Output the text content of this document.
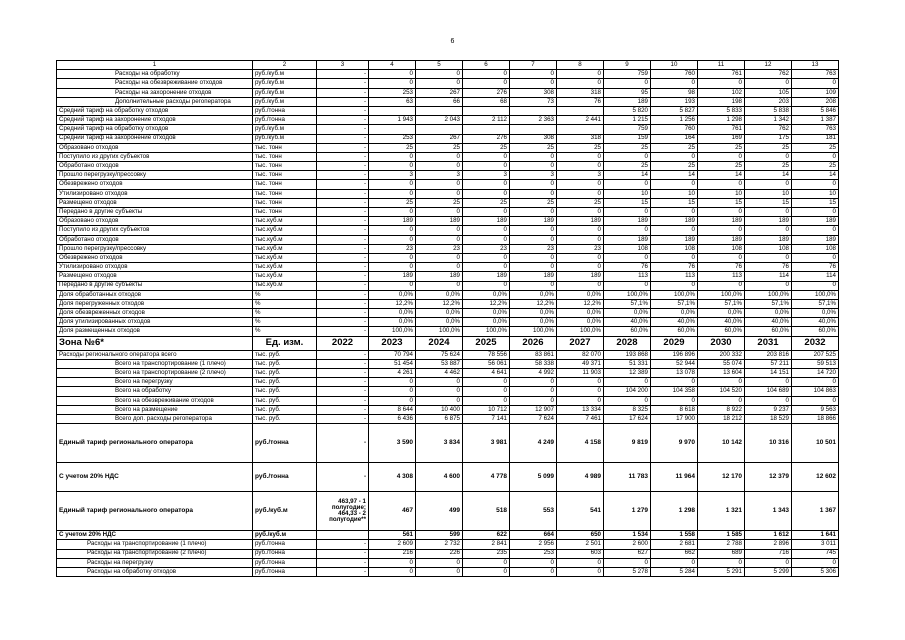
6
1	2	3	4	5	6	7	8	9	10	11	12	13
Расходы на обработку	руб./куб.м	-	0	0	0	0	0	759	760	761	762	763
Расходы на обезвреживание отходов	руб./куб.м	-	0	0	0	0	0	0	0	0	0	0
Расходы на захоронение отходов	руб./куб.м	-	253	267	276	308	318	95	98	102	105	109
Дополнительные расходы регоператора	руб./куб.м	-	63	66	68	73	76	189	193	198	203	208
Средний тариф на обработку отходов	руб./тонна	-						5 820	5 827	5 833	5 838	5 846
Средний тариф на захоронение отходов	руб./тонна	-	1 943	2 043	2 112	2 363	2 441	1 215	1 256	1 298	1 342	1 387
Средний тариф на обработку отходов	руб./куб.м	-						759	760	761	762	763
Средний тариф на захоронение отходов	руб./куб.м	-	253	267	276	308	318	159	164	169	175	181
Образовано отходов	тыс. тонн	-	25	25	25	25	25	25	25	25	25	25
Поступило из других субъектов	тыс. тонн	-	0	0	0	0	0	0	0	0	0	0
Обработано отходов	тыс. тонн	-	0	0	0	0	0	25	25	25	25	25
Прошло перегрузку/прессовку	тыс. тонн	-	3	3	3	3	3	14	14	14	14	14
Обезврежено отходов	тыс. тонн	-	0	0	0	0	0	0	0	0	0	0
Утилизировано отходов	тыс. тонн	-	0	0	0	0	0	10	10	10	10	10
Размещено отходов	тыс. тонн	-	25	25	25	25	25	15	15	15	15	15
Передано в другие субъекты	тыс. тонн	-	0	0	0	0	0	0	0	0	0	0
Образовано отходов	тыс.куб.м	-	189	189	189	189	189	189	189	189	189	189
Поступило из других субъектов	тыс.куб.м	-	0	0	0	0	0	0	0	0	0	0
Обработано отходов	тыс.куб.м	-	0	0	0	0	0	189	189	189	189	189
Прошло перегрузку/прессовку	тыс.куб.м	-	23	23	23	23	23	108	108	108	108	108
Обезврежено отходов	тыс.куб.м	-	0	0	0	0	0	0	0	0	0	0
Утилизировано отходов	тыс.куб.м	-	0	0	0	0	0	76	76	76	76	76
Размещено отходов	тыс.куб.м	-	189	189	189	189	189	113	113	113	114	114
Передано в другие субъекты	тыс.куб.м	-	0	0	0	0	0	0	0	0	0	0
Доля обработанных отходов	%	-	0,0%	0,0%	0,0%	0,0%	0,0%	100,0%	100,0%	100,0%	100,0%	100,0%
Доля перегруженных отходов	%	-	12,2%	12,2%	12,2%	12,2%	12,2%	57,1%	57,1%	57,1%	57,1%	57,1%
Доля обезвреженных отходов	%	-	0,0%	0,0%	0,0%	0,0%	0,0%	0,0%	0,0%	0,0%	0,0%	0,0%
Доля утилизированных отходов	%	-	0,0%	0,0%	0,0%	0,0%	0,0%	40,0%	40,0%	40,0%	40,0%	40,0%
Доля размещенных отходов	%	-	100,0%	100,0%	100,0%	100,0%	100,0%	60,0%	60,0%	60,0%	60,0%	60,0%
Зона №6*	Ед. изм.	2022	2023	2024	2025	2026	2027	2028	2029	2030	2031	2032
Расходы регионального оператора всего	тыс. руб.	-	70 794	75 624	78 556	83 861	82 070	193 868	196 896	200 332	203 816	207 525
Всего на транспортирование (1 плечо)	тыс. руб.	-	51 454	53 887	56 061	58 338	49 371	51 331	52 944	55 074	57 211	59 513
Всего на транспортирование (2 плечо)	тыс. руб.	-	4 261	4 462	4 641	4 992	11 903	12 389	13 078	13 604	14 151	14 720
Всего на перегрузку	тыс. руб.	-	0	0	0	0	0	0	0	0	0	0
Всего на обработку	тыс. руб.	-	0	0	0	0	0	104 200	104 358	104 520	104 689	104 863
Всего на обезвреживание отходов	тыс. руб.	-	0	0	0	0	0	0	0	0	0	0
Всего на размещение	тыс. руб.	-	8 644	10 400	10 712	12 907	13 334	8 325	8 618	8 922	9 237	9 563
Всего доп. расходы регоператора	тыс. руб.	-	6 436	6 875	7 141	7 624	7 461	17 624	17 900	18 212	18 529	18 866
Единый тариф регионального оператора	руб./тонна	-	3 590	3 834	3 981	4 249	4 158	9 819	9 970	10 142	10 316	10 501
С учетом 20% НДС	руб./тонна	-	4 308	4 600	4 778	5 099	4 989	11 783	11 964	12 170	12 379	12 602
Единый тариф регионального оператора	руб./куб.м	463,97 - 1
полугодие;
464,33 - 2
полугодие**	467	499	518	553	541	1 279	1 298	1 321	1 343	1 367
С учетом 20% НДС	руб./куб.м		561	599	622	664	650	1 534	1 558	1 585	1 612	1 641
Расходы на транспортирование (1 плечо)	руб./тонна	-	2 609	2 732	2 841	2 956	2 501	2 600	2 681	2 788	2 896	3 011
Расходы на транспортирование (2 плечо)	руб./тонна	-	216	226	235	253	603	627	662	689	716	745
Расходы на перегрузку	руб./тонна	-	0	0	0	0	0	0	0	0	0	0
Расходы на обработку отходов	руб./тонна	-	0	0	0	0	0	5 278	5 284	5 291	5 299	5 306
